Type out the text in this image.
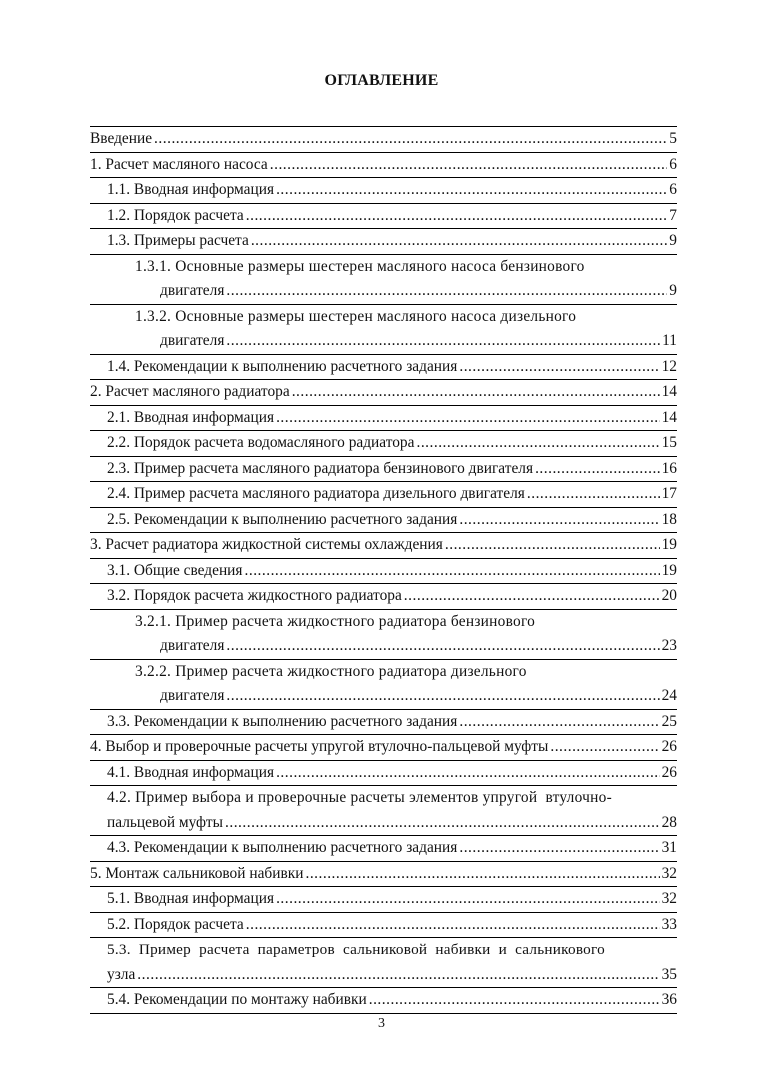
ОГЛАВЛЕНИЕ
Введение .....	5
1. Расчет масляного насоса .....	6
1.1. Вводная информация .....	6
1.2. Порядок расчета .....	7
1.3. Примеры расчета .....	9
1.3.1. Основные размеры шестерен масляного насоса бензинового
двигателя .....	9
1.3.2. Основные размеры шестерен масляного насоса дизельного
двигателя .....	11
1.4. Рекомендации к выполнению расчетного задания .....	12
2. Расчет масляного радиатора .....	14
2.1. Вводная информация .....	14
2.2. Порядок расчета водомасляного радиатора .....	15
2.3. Пример расчета масляного радиатора бензинового двигателя .....	16
2.4. Пример расчета масляного радиатора дизельного двигателя .....	17
2.5. Рекомендации к выполнению расчетного задания .....	18
3. Расчет радиатора жидкостной системы охлаждения .....	19
3.1. Общие сведения .....	19
3.2. Порядок расчета жидкостного радиатора .....	20
3.2.1. Пример расчета жидкостного радиатора бензинового
двигателя .....	23
3.2.2. Пример расчета жидкостного радиатора дизельного
двигателя .....	24
3.3. Рекомендации к выполнению расчетного задания .....	25
4. Выбор и проверочные расчеты упругой втулочно-пальцевой муфты .....	26
4.1. Вводная информация .....	26
4.2. Пример выбора и проверочные расчеты элементов упругой  втулочно-
пальцевой муфты .....	28
4.3. Рекомендации к выполнению расчетного задания .....	31
5. Монтаж сальниковой набивки .....	32
5.1. Вводная информация .....	32
5.2. Порядок расчета .....	33
5.3.  Пример  расчета  параметров  сальниковой  набивки  и  сальникового
узла .....	35
5.4. Рекомендации по монтажу набивки .....	36
3
